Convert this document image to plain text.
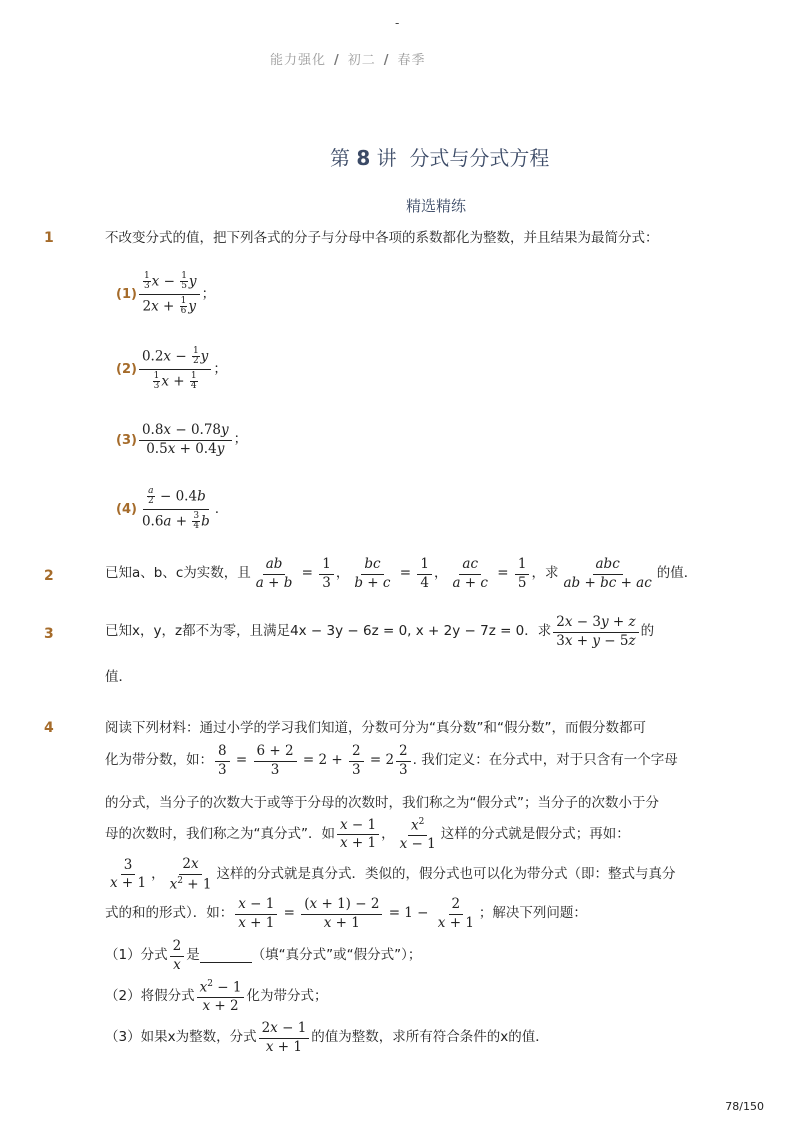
-
能力强化 / 初二 / 春季
第 8 讲 分式与分式方程
精选精练
1	不改变分式的值，把下列各式的分子与分母中各项的系数都化为整数，并且结果为最简分式：
$(1) \frac{\frac{1}{3} x - \frac{1}{5} y}{2x + \frac{1}{6} y}$ ；
$(2) \frac{0.2x - \frac{1}{2} y}{\frac{1}{3} x + \frac{1}{4}}$ ；
$(3) \frac{0.8x - 0.78y}{0.5x + 0.4y}$ ；
$(4) \frac{\frac{a}{2} - 0.4b}{0.6a + \frac{3}{4} b}$ .
2	已知a、b、c为实数，且 $\frac{ab}{a + b} = \frac{1}{3}$ ， $\frac{bc}{b + c} = \frac{1}{4}$ ， $\frac{ac}{a + c} = \frac{1}{5}$ ，求 $\frac{\text{abc}}{ab + bc + ac}$ 的值．
3	已知x，y，z都不为零，且满足4x − 3y − 6z = 0, x + 2y − 7z = 0．求 $\frac{2x - 3y + z}{3x + y - 5z}$ 的
值．
4	阅读下列材料：通过小学的学习我们知道，分数可分为“真分数”和“假分数”，而假分数都可
化为带分数，如： $\frac{8}{3} = \frac{6 + 2}{3} = 2 + \frac{2}{3} = 2 \frac{2}{3}$ . 我们定义：在分式中，对于只含有一个字母
的分式，当分子的次数大于或等于分母的次数时，我们称之为“假分式”；当分子的次数小于分
母的次数时，我们称之为“真分式”．如 $\frac{x - 1}{x + 1}$ ， $\frac{x^2}{x - 1}$ 这样的分式就是假分式；再如：
$\frac{3}{x + 1}$ ， $\frac{2x}{x^2 + 1}$ 这样的分式就是真分式．类似的，假分式也可以化为带分式（即：整式与真分
式的和的形式）．如： $\frac{x - 1}{x + 1} = \frac{(x + 1) - 2}{x + 1} = 1 - \frac{2}{x + 1}$ ；解决下列问题：
（1）分式 $\frac{2}{x}$ 是	（填“真分式”或“假分式”）；
（2）将假分式 $\frac{x^2 - 1}{x + 2}$ 化为带分式；
（3）如果x为整数，分式 $\frac{2x - 1}{x + 1}$ 的值为整数，求所有符合条件的x的值．
78/150
